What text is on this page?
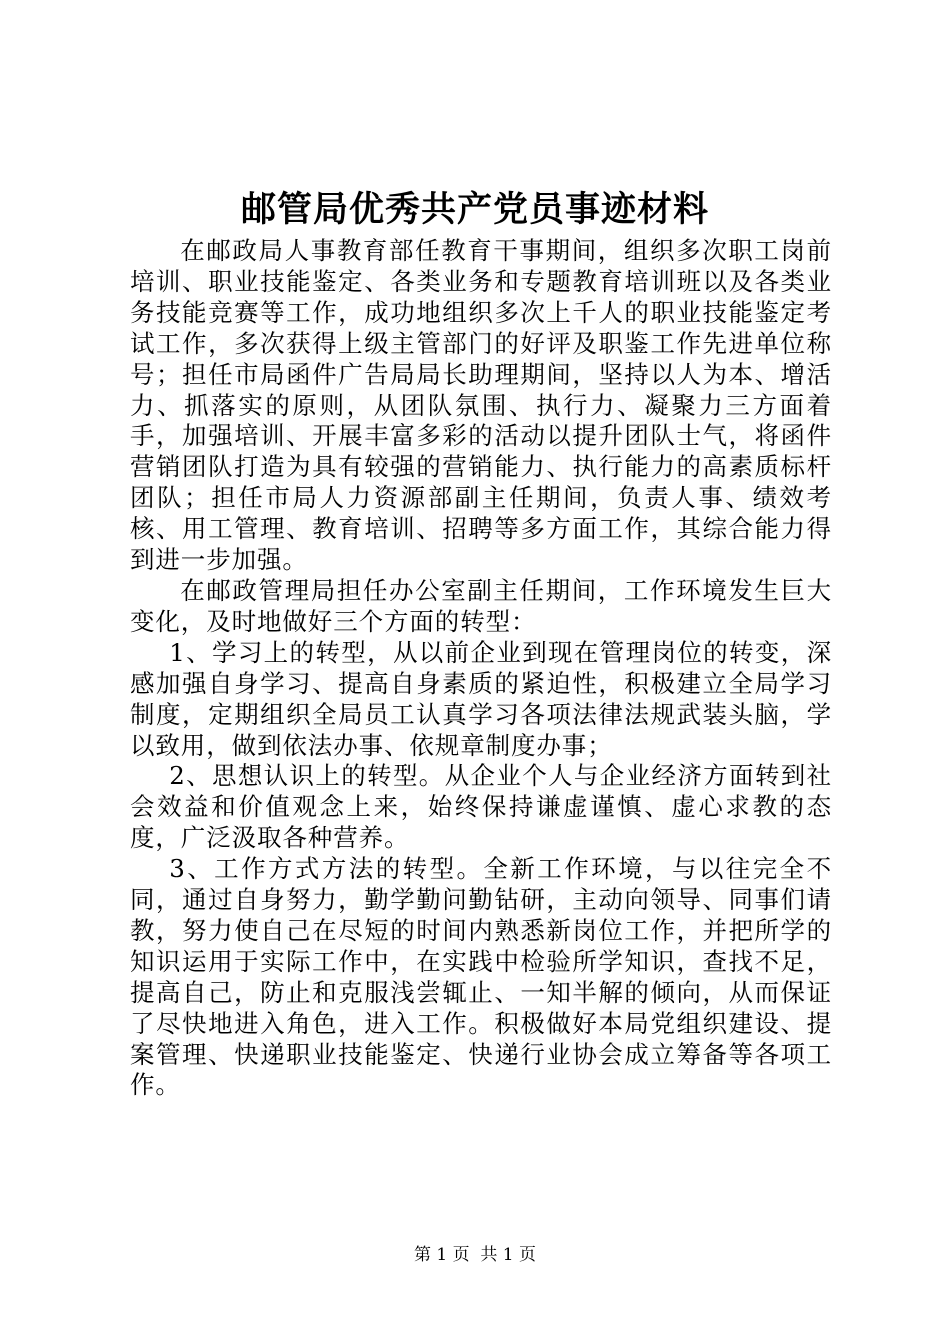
邮管局优秀共产党员事迹材料

在邮政局人事教育部任教育干事期间，组织多次职工岗前培训、职业技能鉴定、各类业务和专题教育培训班以及各类业务技能竞赛等工作，成功地组织多次上千人的职业技能鉴定考试工作，多次获得上级主管部门的好评及职鉴工作先进单位称号；担任市局函件广告局局长助理期间，坚持以人为本、增活力、抓落实的原则，从团队氛围、执行力、凝聚力三方面着手，加强培训、开展丰富多彩的活动以提升团队士气，将函件营销团队打造为具有较强的营销能力、执行能力的高素质标杆团队；担任市局人力资源部副主任期间，负责人事、绩效考核、用工管理、教育培训、招聘等多方面工作，其综合能力得到进一步加强。

在邮政管理局担任办公室副主任期间，工作环境发生巨大变化，及时地做好三个方面的转型：

1、学习上的转型，从以前企业到现在管理岗位的转变，深感加强自身学习、提高自身素质的紧迫性，积极建立全局学习制度，定期组织全局员工认真学习各项法律法规武装头脑，学以致用，做到依法办事、依规章制度办事；

2、思想认识上的转型。从企业个人与企业经济方面转到社会效益和价值观念上来，始终保持谦虚谨慎、虚心求教的态度，广泛汲取各种营养。

3、工作方式方法的转型。全新工作环境，与以往完全不同，通过自身努力，勤学勤问勤钻研，主动向领导、同事们请教，努力使自己在尽短的时间内熟悉新岗位工作，并把所学的知识运用于实际工作中，在实践中检验所学知识，查找不足，提高自己，防止和克服浅尝辄止、一知半解的倾向，从而保证了尽快地进入角色，进入工作。积极做好本局党组织建设、提案管理、快递职业技能鉴定、快递行业协会成立筹备等各项工作。

第 1 页  共 1 页
